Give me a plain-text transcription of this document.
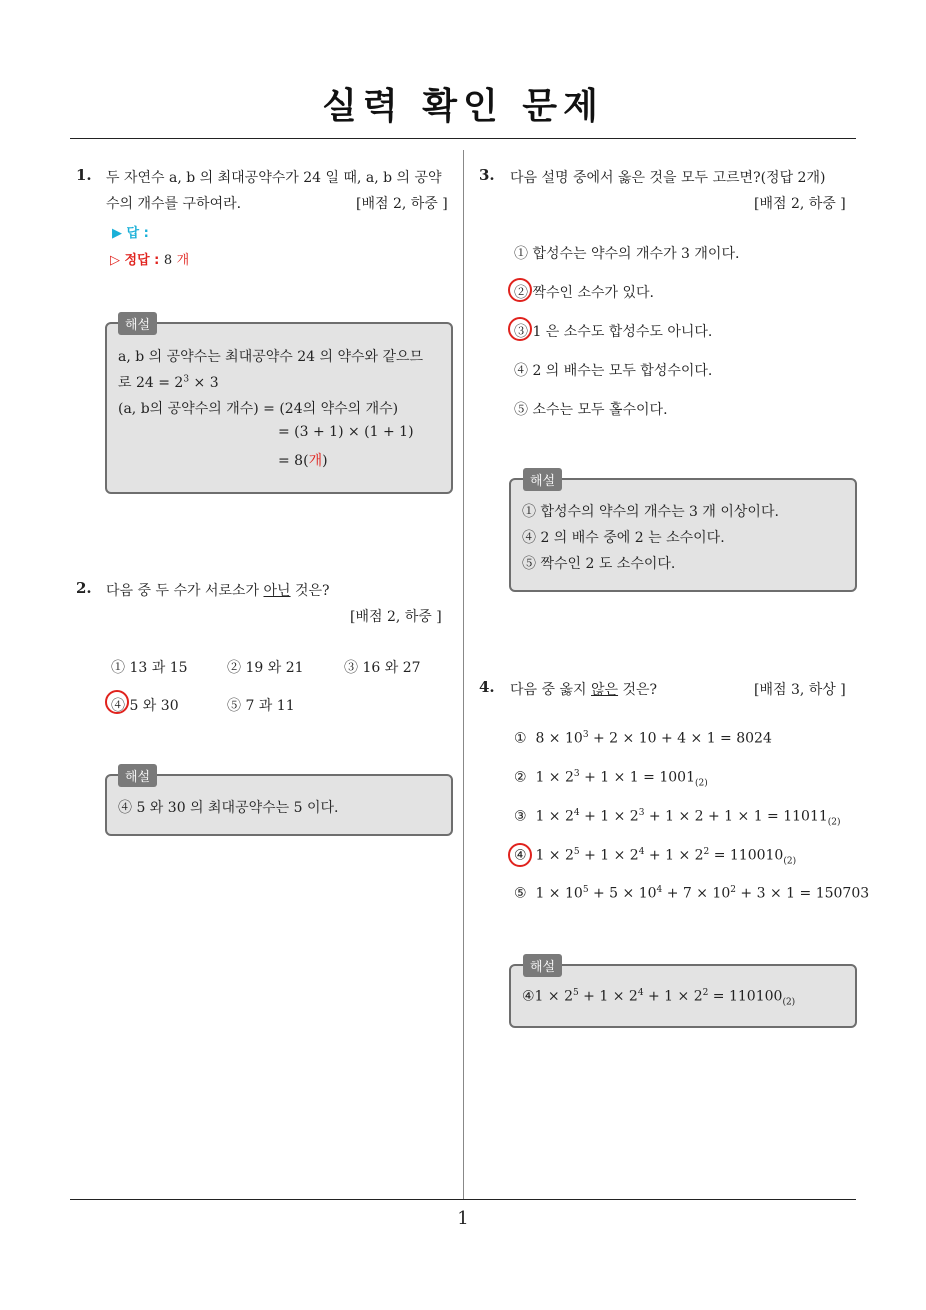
실력 확인 문제
1. 두 자연수 a, b 의 최대공약수가 24 일 때, a, b 의 공약
수의 개수를 구하여라.	[배점 2, 하중 ]
▶ 답 :
▷ 정답 : 8 개
해설
a, b 의 공약수는 최대공약수 24 의 약수와 같으므
로 $24 = 2^3 \times 3$
(a, b의 공약수의 개수) = (24의 약수의 개수)
= (3 + 1) × (1 + 1)
= 8(개)
2. 다음 중 두 수가 서로소가 아닌 것은?
[배점 2, 하중 ]
① 13 과 15	② 19 와 21	③ 16 와 27
④ 5 와 30	⑤ 7 과 11
해설
④ 5 와 30 의 최대공약수는 5 이다.
3. 다음 설명 중에서 옳은 것을 모두 고르면?(정답 2개)
[배점 2, 하중 ]
① 합성수는 약수의 개수가 3 개이다.
② 짝수인 소수가 있다.
③ 1 은 소수도 합성수도 아니다.
④ 2 의 배수는 모두 합성수이다.
⑤ 소수는 모두 홀수이다.
해설
① 합성수의 약수의 개수는 3 개 이상이다.
④ 2 의 배수 중에 2 는 소수이다.
⑤ 짝수인 2 도 소수이다.
4. 다음 중 옳지 않은 것은?	[배점 3, 하상 ]
①  $8 \times 10^3 + 2 \times 10 + 4 \times 1 = 8024$
②  $1 \times 2^3 + 1 \times 1 = 1001_{(2)}$
③  $1 \times 2^4 + 1 \times 2^3 + 1 \times 2 + 1 \times 1 = 11011_{(2)}$
④  $1 \times 2^5 + 1 \times 2^4 + 1 \times 2^2 = 110010_{(2)}$
⑤  $1 \times 10^5 + 5 \times 10^4 + 7 \times 10^2 + 3 \times 1 = 150703$
해설
④1 × $2^5 + 1 \times 2^4 + 1 \times 2^2 = 110100_{(2)}$
1
